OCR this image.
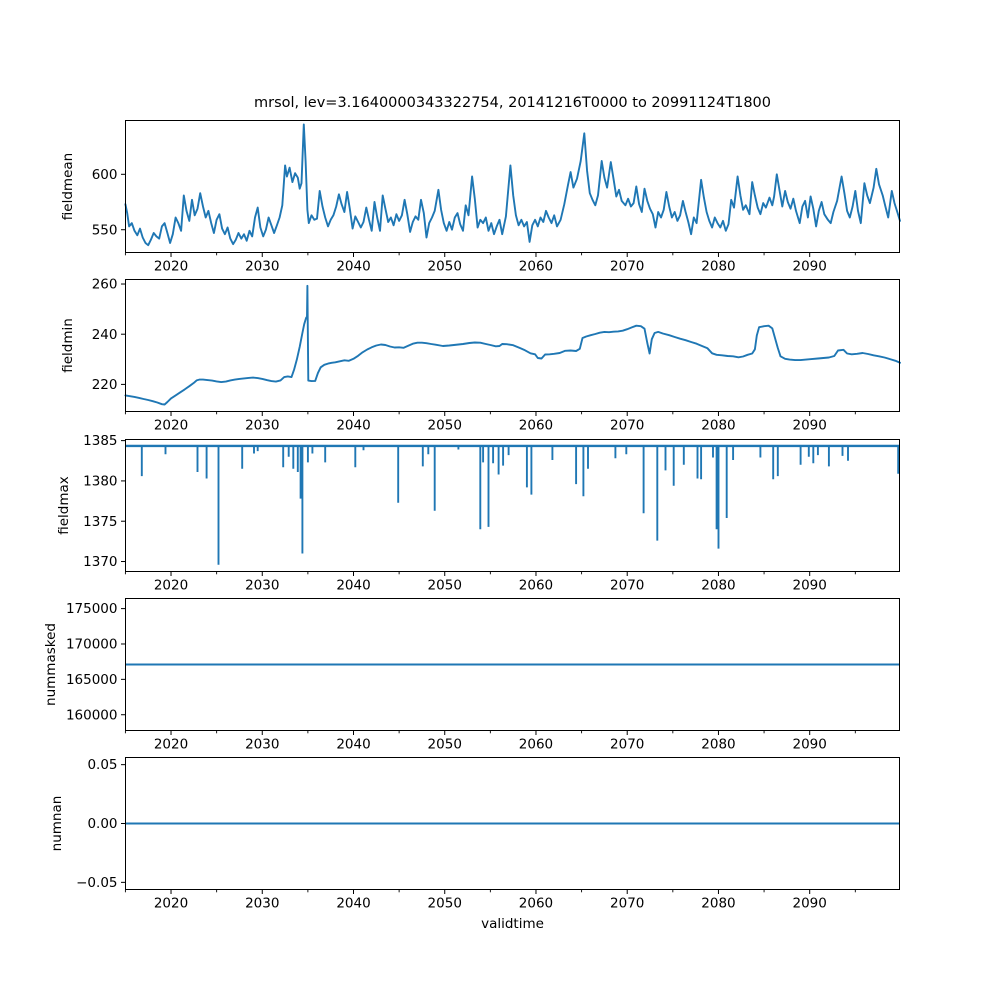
mrsol, lev=3.1640000343322754, 20141216T0000 to 20991124T1800
2020	2030	2040	2050	2060	2070	2080	2090
550
600
fieldmean
2020	2030	2040	2050	2060	2070	2080	2090
220
240
260
fieldmin
2020	2030	2040	2050	2060	2070	2080	2090
1370
1375
1380
1385
fieldmax
2020	2030	2040	2050	2060	2070	2080	2090
160000
165000
170000
175000
nummasked
2020	2030	2040	2050	2060	2070	2080	2090
−0.05
0.00
0.05
numnan
validtime
